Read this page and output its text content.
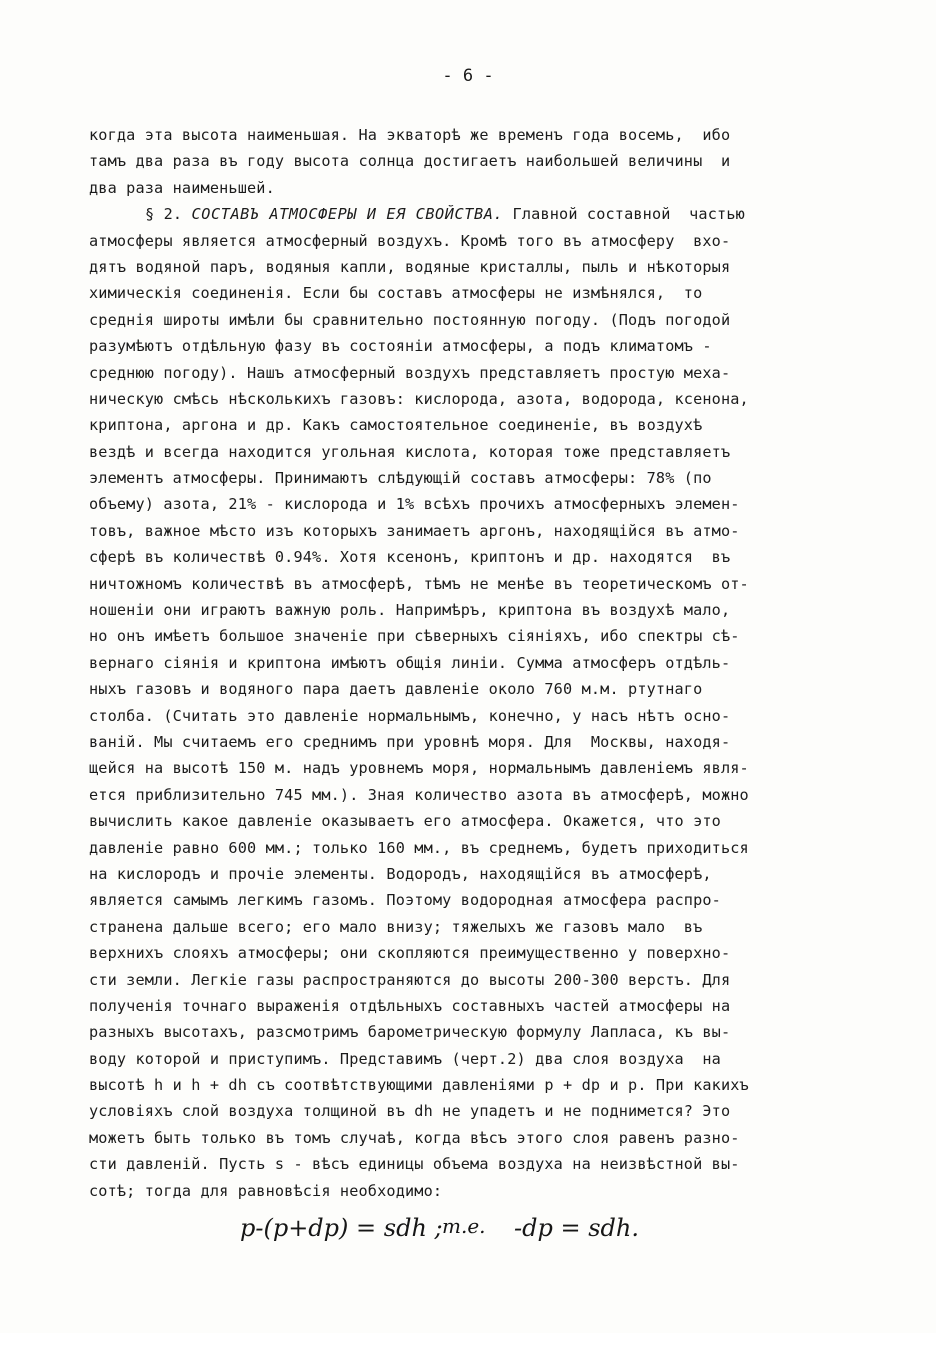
- 6 -
когда эта высота наименьшая. На экваторѣ же временъ года восемь,  ибо
тамъ два раза въ году высота солнца достигаетъ наибольшей величины  и
два раза наименьшей.
§ 2. СОСТАВЪ АТМОСФЕРЫ И ЕЯ СВОЙСТВА. Главной составной  частью
атмосферы является атмосферный воздухъ. Кромѣ того въ атмосферу  вхо-
дятъ водяной паръ, водяныя капли, водяные кристаллы, пыль и нѣкоторыя
химическія соединенія. Если бы составъ атмосферы не измѣнялся,  то
среднія широты имѣли бы сравнительно постоянную погоду. (Подъ погодой
разумѣютъ отдѣльную фазу въ состояніи атмосферы, а подъ климатомъ -
среднюю погоду). Нашъ атмосферный воздухъ представляетъ простую меха-
ническую смѣсь нѣсколькихъ газовъ: кислорода, азота, водорода, ксенона,
криптона, аргона и др. Какъ самостоятельное соединеніе, въ воздухѣ
вездѣ и всегда находится угольная кислота, которая тоже представляетъ
элементъ атмосферы. Принимаютъ слѣдующій составъ атмосферы: 78% (по
объему) азота, 21% - кислорода и 1% всѣхъ прочихъ атмосферныхъ элемен-
товъ, важное мѣсто изъ которыхъ занимаетъ аргонъ, находящійся въ атмо-
сферѣ въ количествѣ 0.94%. Хотя ксенонъ, криптонъ и др. находятся  въ
ничтожномъ количествѣ въ атмосферѣ, тѣмъ не менѣе въ теоретическомъ от-
ношеніи они играютъ важную роль. Напримѣръ, криптона въ воздухѣ мало,
но онъ имѣетъ большое значеніе при сѣверныхъ сіяніяхъ, ибо спектры сѣ-
вернаго сіянія и криптона имѣютъ общія линіи. Сумма атмосферъ отдѣль-
ныхъ газовъ и водяного пара даетъ давленіе около 760 м.м. ртутнаго
столба. (Считать это давленіе нормальнымъ, конечно, у насъ нѣтъ осно-
ваній. Мы считаемъ его среднимъ при уровнѣ моря. Для  Москвы, находя-
щейся на высотѣ 150 м. надъ уровнемъ моря, нормальнымъ давленіемъ явля-
ется приблизительно 745 мм.). Зная количество азота въ атмосферѣ, можно
вычислить какое давленіе оказываетъ его атмосфера. Окажется, что это
давленіе равно 600 мм.; только 160 мм., въ среднемъ, будетъ приходиться
на кислородъ и прочіе элементы. Водородъ, находящійся въ атмосферѣ,
является самымъ легкимъ газомъ. Поэтому водородная атмосфера распро-
странена дальше всего; его мало внизу; тяжелыхъ же газовъ мало  въ
верхнихъ слояхъ атмосферы; они скопляются преимущественно у поверхно-
сти земли. Легкіе газы распространяются до высоты 200-300 верстъ. Для
полученія точнаго выраженія отдѣльныхъ составныхъ частей атмосферы на
разныхъ высотахъ, разсмотримъ барометрическую формулу Лапласа, къ вы-
воду которой и приступимъ. Представимъ (черт.2) два слоя воздуха  на
высотѣ h и h + dh съ соотвѣтствующими давленіями p + dp и p. При какихъ
условіяхъ слой воздуха толщиной въ dh не упадетъ и не поднимется? Это
можетъ быть только въ томъ случаѣ, когда вѣсъ этого слоя равенъ разно-
сти давленій. Пусть s - вѣсъ единицы объема воздуха на неизвѣстной вы-
сотѣ; тогда для равновѣсія необходимо:

p-(p+dp) = sdh ;

т.е.

-dp = sdh.
